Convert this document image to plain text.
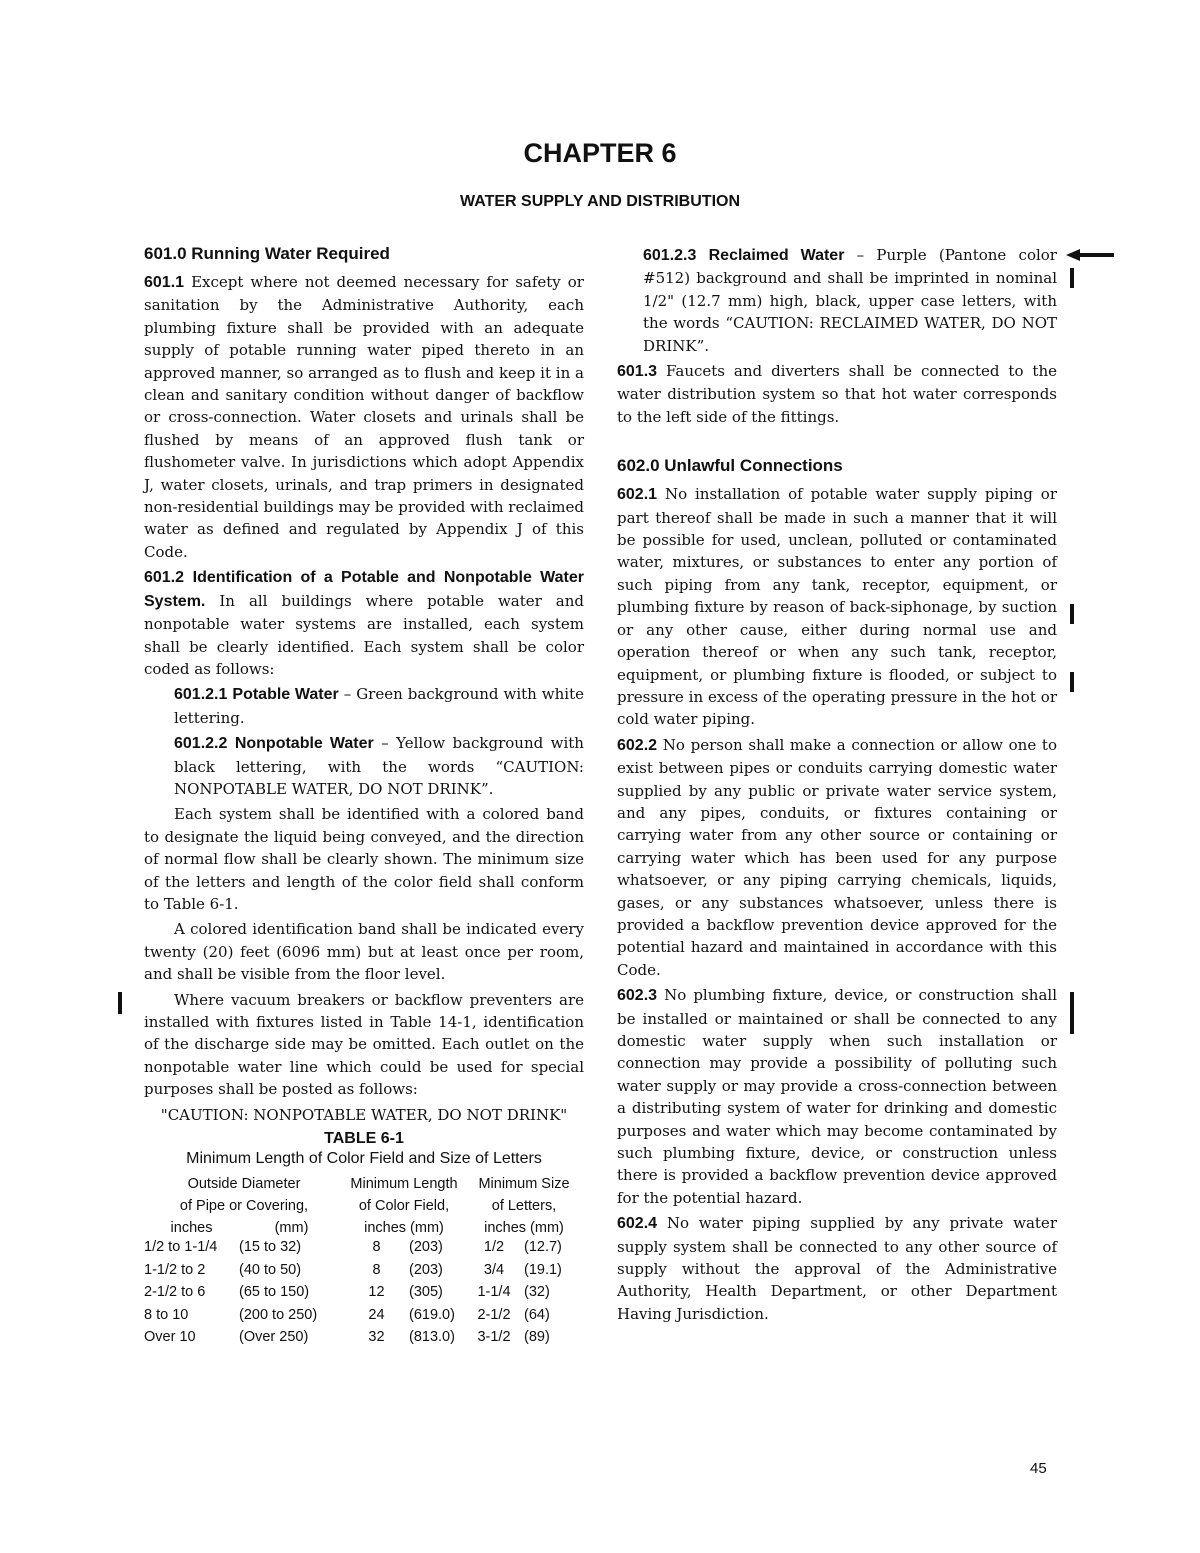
CHAPTER 6
WATER SUPPLY AND DISTRIBUTION
601.0 Running Water Required

601.1 Except where not deemed necessary for safety or sanitation by the Administrative Authority, each plumbing fixture shall be provided with an adequate supply of potable running water piped thereto in an approved manner, so arranged as to flush and keep it in a clean and sanitary condition without danger of backflow or cross-connection. Water closets and urinals shall be flushed by means of an approved flush tank or flushometer valve. In jurisdictions which adopt Appendix J, water closets, urinals, and trap primers in designated non-residential buildings may be provided with reclaimed water as defined and regulated by Appendix J of this Code.

601.2 Identification of a Potable and Nonpotable Water System. In all buildings where potable water and nonpotable water systems are installed, each system shall be clearly identified. Each system shall be color coded as follows:

601.2.1 Potable Water – Green background with white lettering.

601.2.2 Nonpotable Water – Yellow background with black lettering, with the words “CAUTION: NONPOTABLE WATER, DO NOT DRINK”.

Each system shall be identified with a colored band to designate the liquid being conveyed, and the direction of normal flow shall be clearly shown. The minimum size of the letters and length of the color field shall conform to Table 6-1.

A colored identification band shall be indicated every twenty (20) feet (6096 mm) but at least once per room, and shall be visible from the floor level.

Where vacuum breakers or backflow preventers are installed with fixtures listed in Table 14-1, identification of the discharge side may be omitted. Each outlet on the nonpotable water line which could be used for special purposes shall be posted as follows:

"CAUTION: NONPOTABLE WATER, DO NOT DRINK"

TABLE 6-1
Minimum Length of Color Field and Size of Letters
Outside Diameter		Minimum Length		Minimum Size	
of Pipe or Covering,		of Color Field,		of Letters,	
inches	(mm)	inches (mm)		inches (mm)	
1/2 to 1-1/4	(15 to 32)	8	(203)	1/2	(12.7)
1-1/2 to 2	(40 to 50)	8	(203)	3/4	(19.1)
2-1/2 to 6	(65 to 150)	12	(305)	1-1/4	(32)
8 to 10	(200 to 250)	24	(619.0)	2-1/2	(64)
Over 10	(Over 250)	32	(813.0)	3-1/2	(89)

601.2.3 Reclaimed Water – Purple (Pantone color #512) background and shall be imprinted in nominal 1/2" (12.7 mm) high, black, upper case letters, with the words “CAUTION: RECLAIMED WATER, DO NOT DRINK”.

601.3 Faucets and diverters shall be connected to the water distribution system so that hot water corresponds to the left side of the fittings.

602.0 Unlawful Connections

602.1 No installation of potable water supply piping or part thereof shall be made in such a manner that it will be possible for used, unclean, polluted or contaminated water, mixtures, or substances to enter any portion of such piping from any tank, receptor, equipment, or plumbing fixture by reason of back-siphonage, by suction or any other cause, either during normal use and operation thereof or when any such tank, receptor, equipment, or plumbing fixture is flooded, or subject to pressure in excess of the operating pressure in the hot or cold water piping.

602.2 No person shall make a connection or allow one to exist between pipes or conduits carrying domestic water supplied by any public or private water service system, and any pipes, conduits, or fixtures containing or carrying water from any other source or containing or carrying water which has been used for any purpose whatsoever, or any piping carrying chemicals, liquids, gases, or any substances whatsoever, unless there is provided a backflow prevention device approved for the potential hazard and maintained in accordance with this Code.

602.3 No plumbing fixture, device, or construction shall be installed or maintained or shall be connected to any domestic water supply when such installation or connection may provide a possibility of polluting such water supply or may provide a cross-connection between a distributing system of water for drinking and domestic purposes and water which may become contaminated by such plumbing fixture, device, or construction unless there is provided a backflow prevention device approved for the potential hazard.

602.4 No water piping supplied by any private water supply system shall be connected to any other source of supply without the approval of the Administrative Authority, Health Department, or other Department Having Jurisdiction.

45
